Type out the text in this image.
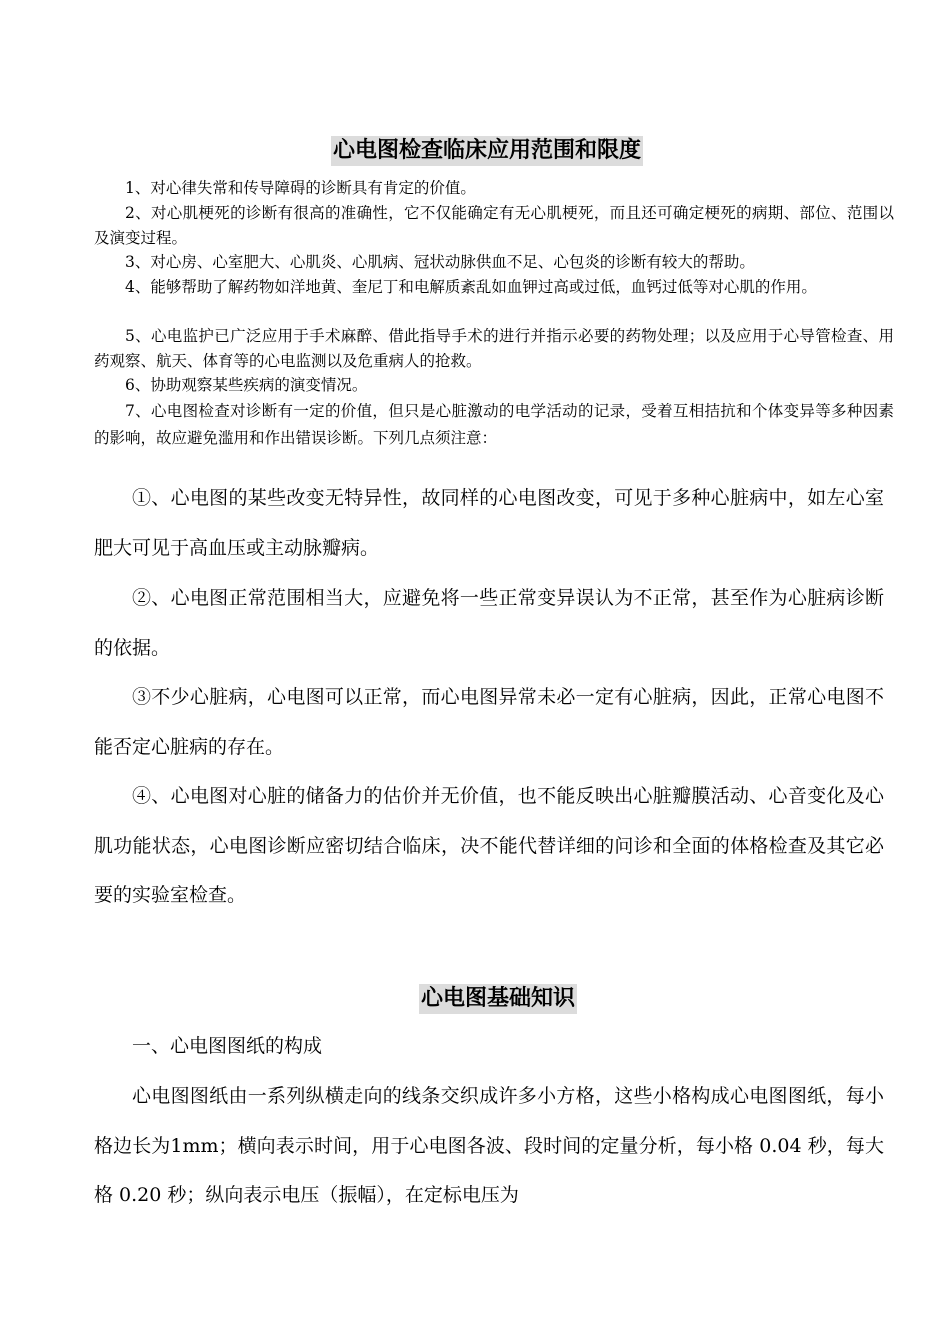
心电图检查临床应用范围和限度

1、对心律失常和传导障碍的诊断具有肯定的价值。

2、对心肌梗死的诊断有很高的准确性，它不仅能确定有无心肌梗死，而且还可确定梗死的病期、部位、范围以及演变过程。

3、对心房、心室肥大、心肌炎、心肌病、冠状动脉供血不足、心包炎的诊断有较大的帮助。

4、能够帮助了解药物如洋地黄、奎尼丁和电解质紊乱如血钾过高或过低，血钙过低等对心肌的作用。

5、心电监护已广泛应用于手术麻醉、借此指导手术的进行并指示必要的药物处理；以及应用于心导管检查、用药观察、航天、体育等的心电监测以及危重病人的抢救。

6、协助观察某些疾病的演变情况。

7、心电图检查对诊断有一定的价值，但只是心脏激动的电学活动的记录，受着互相拮抗和个体变异等多种因素的影响，故应避免滥用和作出错误诊断。下列几点须注意：

①、心电图的某些改变无特异性，故同样的心电图改变，可见于多种心脏病中，如左心室肥大可见于高血压或主动脉瓣病。

②、心电图正常范围相当大，应避免将一些正常变异误认为不正常，甚至作为心脏病诊断的依据。

③不少心脏病，心电图可以正常，而心电图异常未必一定有心脏病，因此，正常心电图不能否定心脏病的存在。

④、心电图对心脏的储备力的估价并无价值，也不能反映出心脏瓣膜活动、心音变化及心肌功能状态，心电图诊断应密切结合临床，决不能代替详细的问诊和全面的体格检查及其它必要的实验室检查。

心电图基础知识

一、心电图图纸的构成

心电图图纸由一系列纵横走向的线条交织成许多小方格，这些小格构成心电图图纸，每小格边长为1mm；横向表示时间，用于心电图各波、段时间的定量分析，每小格 0.04 秒，每大格 0.20 秒；纵向表示电压（振幅），在定标电压为
